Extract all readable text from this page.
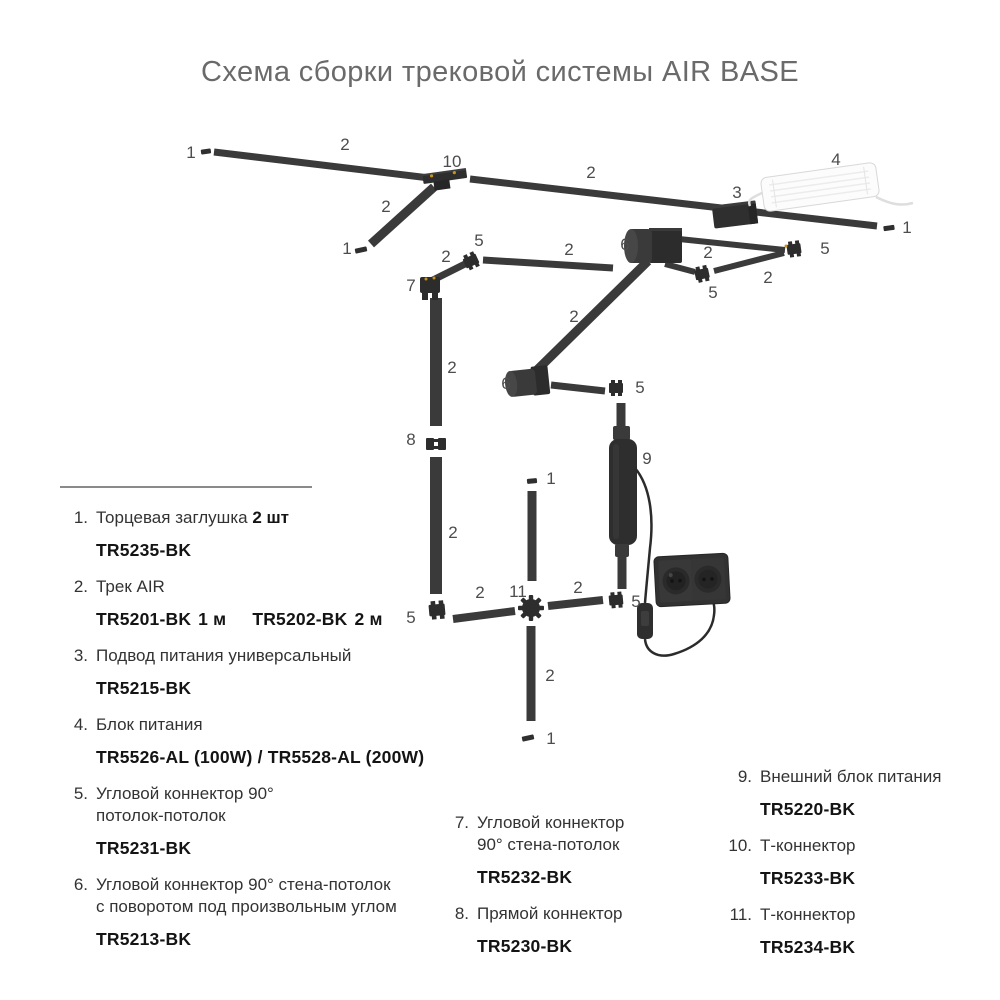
Схема сборки трековой системы AIR BASE
1	2
10
2
1
2
3
4
1
5
2
7
2	6	2	5
2
5
2
2
6	5
8
2
9
1
5
2 11	2
5
2
1
1. Торцевая заглушка 2 шт
TR5235-BK
2. Трек AIR
TR5201-BK 1 м TR5202-BK 2 м
3. Подвод питания универсальный
TR5215-BK
4. Блок питания
TR5526-AL (100W) / TR5528-AL (200W)
5. Угловой коннектор 90°
потолок-потолок
TR5231-BK
6. Угловой коннектор 90° стена-потолок
с поворотом под произвольным углом
TR5213-BK
7. Угловой коннектор
90° стена-потолок
TR5232-BK
8. Прямой коннектор
TR5230-BK
9. Внешний блок питания
TR5220-BK
10. Т-коннектор
TR5233-BK
11. Т-коннектор
TR5234-BK
